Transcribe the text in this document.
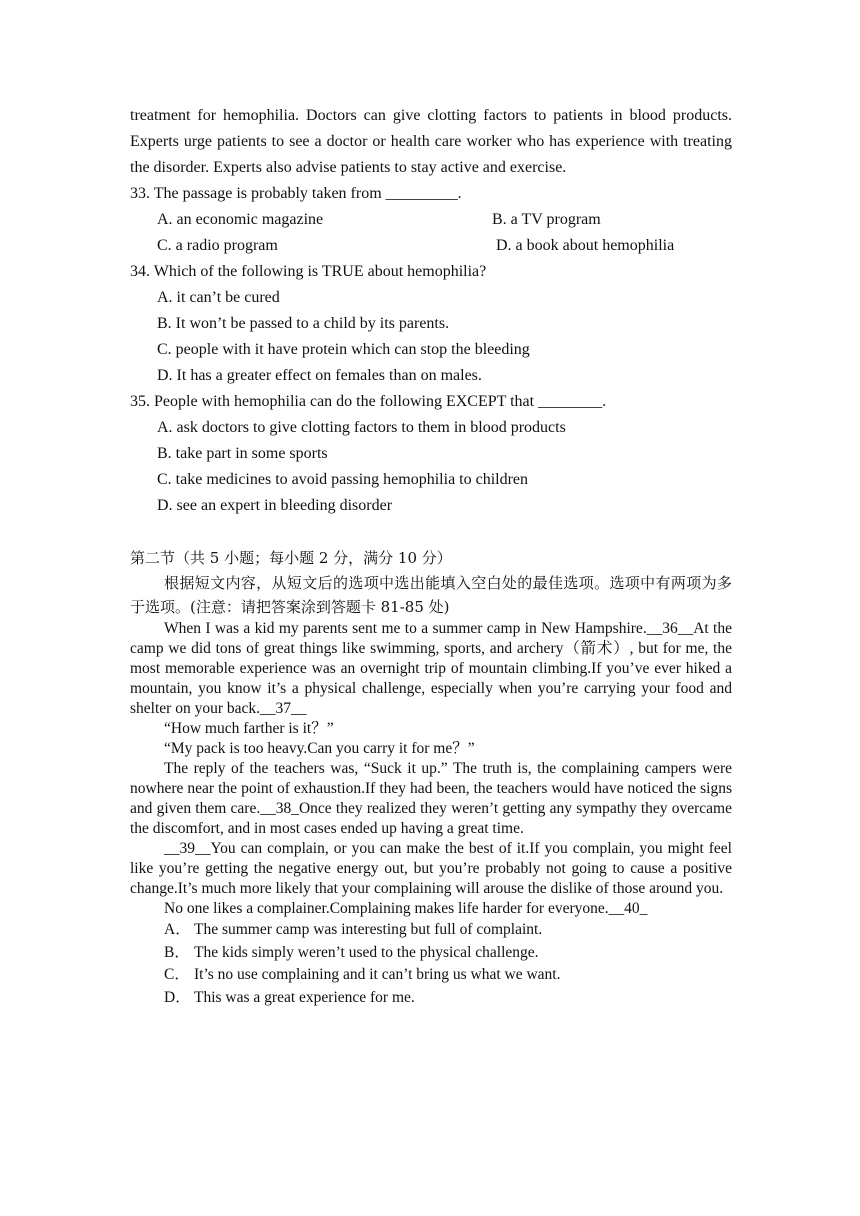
treatment for hemophilia. Doctors can give clotting factors to patients in blood products. Experts urge patients to see a doctor or health care worker who has experience with treating the disorder. Experts also advise patients to stay active and exercise.

33. The passage is probably taken from _________.

A. an economic magazine	B. a TV program
C. a radio program	D. a book about hemophilia

34. Which of the following is TRUE about hemophilia?

A. it can’t be cured

B. It won’t be passed to a child by its parents.

C. people with it have protein which can stop the bleeding

D. It has a greater effect on females than on males.

35. People with hemophilia can do the following EXCEPT that ________.

A. ask doctors to give clotting factors to them in blood products

B. take part in some sports

C. take medicines to avoid passing hemophilia to children

D. see an expert in bleeding disorder

第二节（共 5 小题；每小题 2 分，满分 10 分）

根据短文内容，从短文后的选项中选出能填入空白处的最佳选项。选项中有两项为多于选项。(注意：请把答案涂到答题卡 81-85 处)

When I was a kid my parents sent me to a summer camp in New Hampshire.__36__At the camp we did tons of great things like swimming, sports, and archery（箭术）, but for me, the most memorable experience was an overnight trip of mountain climbing.If you’ve ever hiked a mountain, you know it’s a physical challenge, especially when you’re carrying your food and shelter on your back.__37__

“How much farther is it？”

“My pack is too heavy.Can you carry it for me？”

The reply of the teachers was, “Suck it up.” The truth is, the complaining campers were nowhere near the point of exhaustion.If they had been, the teachers would have noticed the signs and given them care.__38_Once they realized they weren’t getting any sympathy they overcame the discomfort, and in most cases ended up having a great time.

__39__You can complain, or you can make the best of it.If you complain, you might feel like you’re getting the negative energy out, but you’re probably not going to cause a positive change.It’s much more likely that your complaining will arouse the dislike of those around you.

No one likes a complainer.Complaining makes life harder for everyone.__40_

A． The summer camp was interesting but full of complaint.

B． The kids simply weren’t used to the physical challenge.

C． It’s no use complaining and it can’t bring us what we want.

D． This was a great experience for me.
